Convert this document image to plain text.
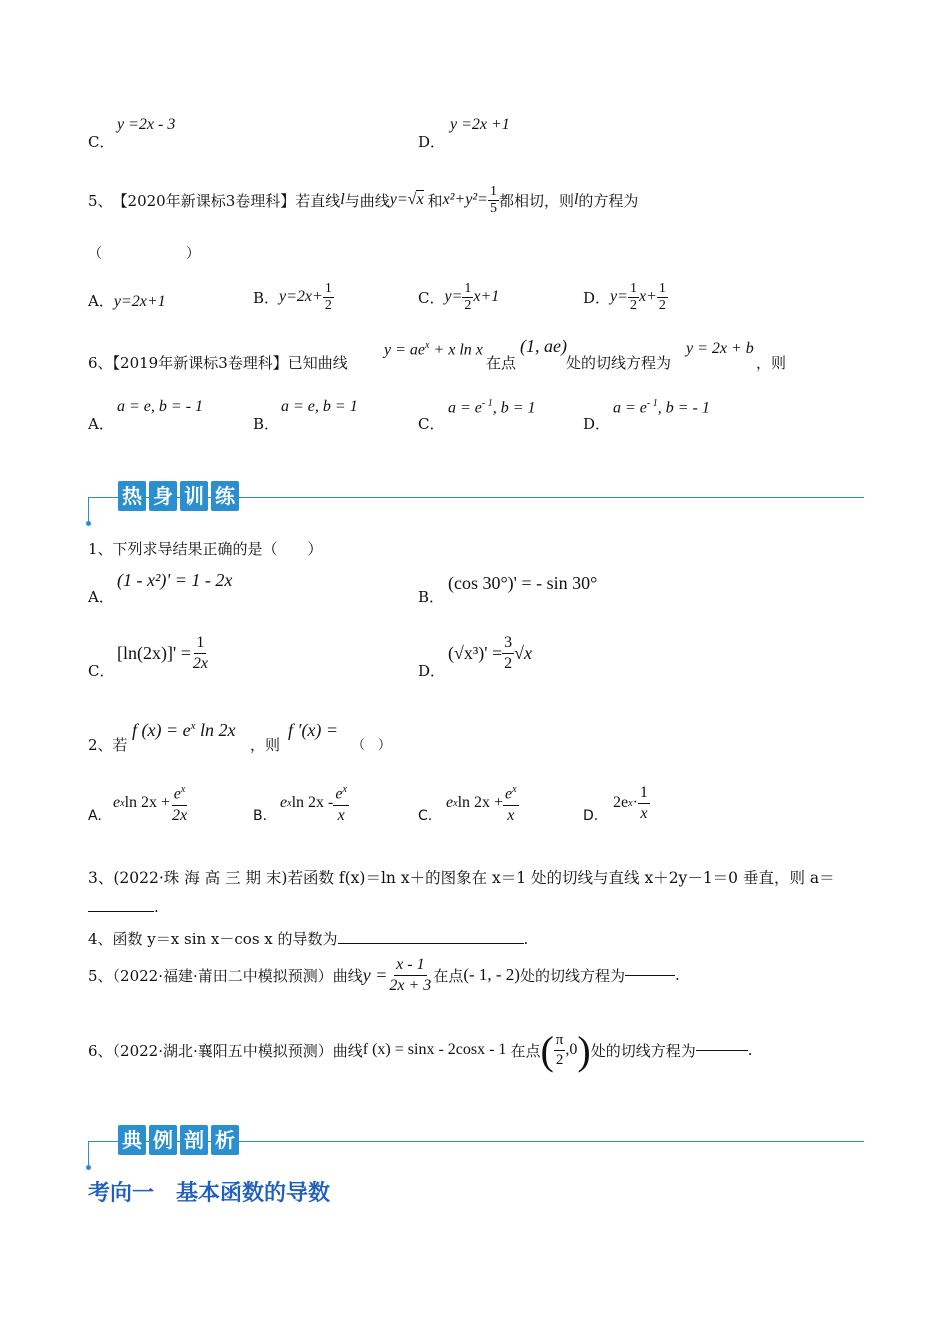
C．
y =2x - 3
D．
y =2x +1
5、 【2020年新课标3卷理科】 若直线 l 与曲线 y= √x 和 $x^2+y^2= \frac{1}{5}$ 都相切，则 l 的方程为
（　　　　　　）
A．y=2x+1	B． $y=2x+ \frac{1}{2}$	C． $y= \frac{1}{2} x+1$	D． $y= \frac{1}{2} x+ \frac{1}{2}$
6、【2019年新课标3卷理科】已知曲线
$y = ae^x + x$ ln x
在点
(1, ae)
处的切线方程为
y = 2x + b
，则
A．
a = e, b = - 1
B．
a = e, b = 1
C．
$a = e^{- 1}$, b = 1
D．
$a = e^{- 1}$, b = - 1
热 身 训 练
1、下列求导结果正确的是（　　）
A．
(1 - x²)' = 1 - 2x
B．
(cos 30°)' = - sin 30°
C．
$[\ln(2x)]' = \frac{1}{2x}$	D．
$(√x^3)' = \frac{3}{2} √x$
2、若
f $(x) = e^x$ ln 2x
，则
f ′(x) =
（　）
A.
e x $\ln 2x + \frac{e^x}{2x}$	B.
e x $\ln 2x - \frac{e^x}{x}$	C.
e x $\ln 2x + \frac{e^x}{x}$	D.
2e $x \cdot \frac{1}{x}$
3、(2022·珠 海 高 三 期 末)若函数 f(x)＝ln x＋的图象在 x＝1 处的切线与直线 x＋2y－1＝0 垂直，则 a＝
.
4、函数 y＝x sin x－cos x 的导数为	.
5、（2022·福建·莆田二中模拟预测）曲线 $y = \frac{x - 1}{2x + 3}$ 在点 (- 1, - 2) 处的切线方程为	.
6、（2022·湖北·襄阳五中模拟预测）曲线 f (x) = sinx - 2cosx - 1 在点 ( $\frac{\pi}{2} ,0$ ) 处的切线方程为	.
典 例 剖 析
考向一　基本函数的导数
